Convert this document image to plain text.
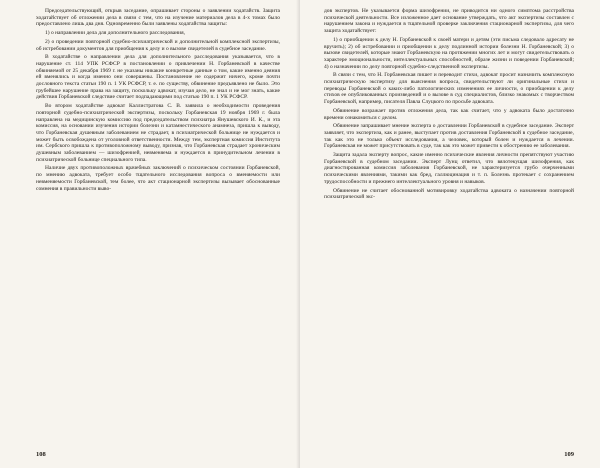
Председательствующий, открыв заседание, опрашивает стороны о заявлении ходатайств. Защита ходатайствует об отложении дела в связи с тем, что на изучение материалов дела в 4-х томах было предоставлено лишь два дня. Одновременно были заявлены ходатайства защиты:

1) о направлении дела для дополнительного расследования,

2) о проведении повторной судебно-психиатрической и дополнительной комплексной экспертизы, об истребовании документов для приобщения к делу и о вызове свидетелей в судебное заседание.

В ходатайстве о направлении дела для дополнительного расследования указывается, что в нарушение ст. 114 УПК РСФСР в постановлении о привлечении Н. Горбаневской в качестве обвиняемой от 25 декабря 1969 г. не указаны никакие конкретные данные о том, какие именно деяния ей вменялись и когда именно они совершены. Постановление не содержит ничего, кроме почти дословного текста статьи 190 п. 1 УК РСФСР, т. е. по существу, обвинение предъявлено не было. Это грубейшее нарушение права на защиту, поскольку адвокат, изучая дело, не знал и не мог знать, какие действия Горбаневской следствие считает подпадающими под статью 190 п. 1 УК РСФСР.

Во втором ходатайстве адвокат Каллистратова С. В. заявила о необходимости проведения повторной судебно-психиатрической экспертизы, поскольку Горбаневская 19 ноября 1969 г. была направлена на медицинскую комиссию под председательством психиатра Янушевского И. К., и эта комиссия, на основании изучения истории болезни и катамнестического анамнеза, пришла к выводу, что Горбаневская душевным заболеванием не страдает, в психиатрической больнице не нуждается и может быть освобождена от уголовной ответственности. Между тем, экспертная комиссия Института им. Сербского пришла к противоположному выводу, признав, что Горбаневская страдает хроническим душевным заболеванием — шизофренией, невменяема и нуждается в принудительном лечении в психиатрической больнице специального типа.

Наличие двух противоположных врачебных заключений о психическом состоянии Горбаневской, по мнению адвоката, требует особо тщательного исследования вопроса о вменяемости или невменяемости Горбаневской, тем более, что акт стационарной экспертизы вызывает обоснованные сомнения в правильности выво-

108

дов экспертов. Не указывается форма шизофрении, не приводится ни одного симптома расстройства психической деятельности. Все изложенное дает основание утверждать, что акт экспертизы составлен с нарушением закона и нуждается в тщательной проверке заключения стационарной экспертизы, для чего защита ходатайствует:

1) о приобщении к делу Н. Горбаневской к своей матери и детям (эти письма следовало адресату не вручить); 2) об истребовании и приобщении к делу подлинной истории болезни Н. Горбаневской; 3) о вызове свидетелей, которые знают Горбаневскую на протяжении многих лет и могут свидетельствовать о характере эмоциональности, интеллектуальных способностей, образе жизни и поведении Горбаневской; 4) о назначении по делу повторной судебно-следственной экспертизы.

В связи с тем, что Н. Горбаневская пишет и переводит стихи, адвокат просит назначить комплексную психиатрическую экспертизу для выяснения вопроса, свидетельствуют ли оригинальные стихи и переводы Горбаневской о каких-либо патологических изменениях ее личности, о приобщении к делу стихов ее опубликованных произведений и о вызове в суд специалистов, близко знакомых с творчеством Горбаневской, например, писателя Павла Слуцкого по просьбе адвоката.

Обвинение возражает против отложения дела, так как считает, что у адвоката было достаточно времени ознакомиться с делом.

Обвинение запрашивает мнение эксперта о доставлении Горбаневской в судебное заседание. Эксперт заявляет, что экспертиза, как и ранее, выступает против доставления Горбаневской в судебное заседание, так как это не только объект исследования, а человек, который болен и нуждается в лечении. Горбаневская не может присутствовать в суде, так как это может привести к обострению ее заболевания.

Защита задала эксперту вопрос, какие именно психические явления личности препятствуют участию Горбаневской в судебном заседании. Эксперт Лунц ответил, что вялотекущая шизофрения, как диагностированная комиссия заболевания Горбаневской, не характеризуется грубо очерченными психическими явлениями, такими как бред, галлюцинация и т. п. Болезнь протекает с сохранением трудоспособности и прежнего интеллектуального уровня и навыков.

Обвинение не считает обоснованной мотивировку ходатайства адвоката о назначении повторной психиатрической экс-

109
